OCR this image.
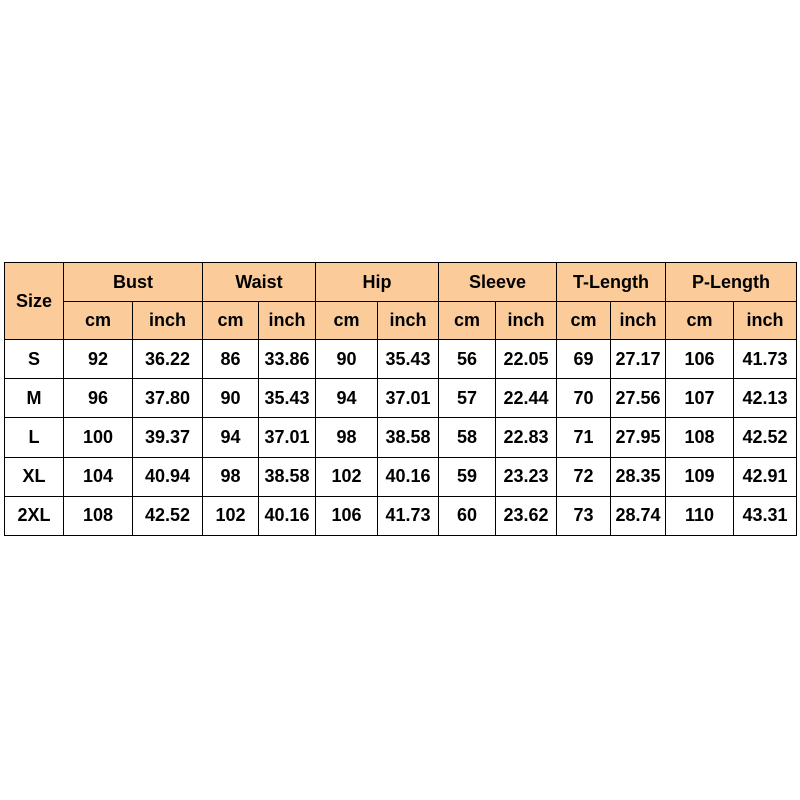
Size	Bust		Waist		Hip		Sleeve		T-Length		P-Length	
	cm	inch	cm	inch	cm	inch	cm	inch	cm	inch	cm	inch
S	92	36.22	86	33.86	90	35.43	56	22.05	69	27.17	106	41.73
M	96	37.80	90	35.43	94	37.01	57	22.44	70	27.56	107	42.13
L	100	39.37	94	37.01	98	38.58	58	22.83	71	27.95	108	42.52
XL	104	40.94	98	38.58	102	40.16	59	23.23	72	28.35	109	42.91
2XL	108	42.52	102	40.16	106	41.73	60	23.62	73	28.74	110	43.31
